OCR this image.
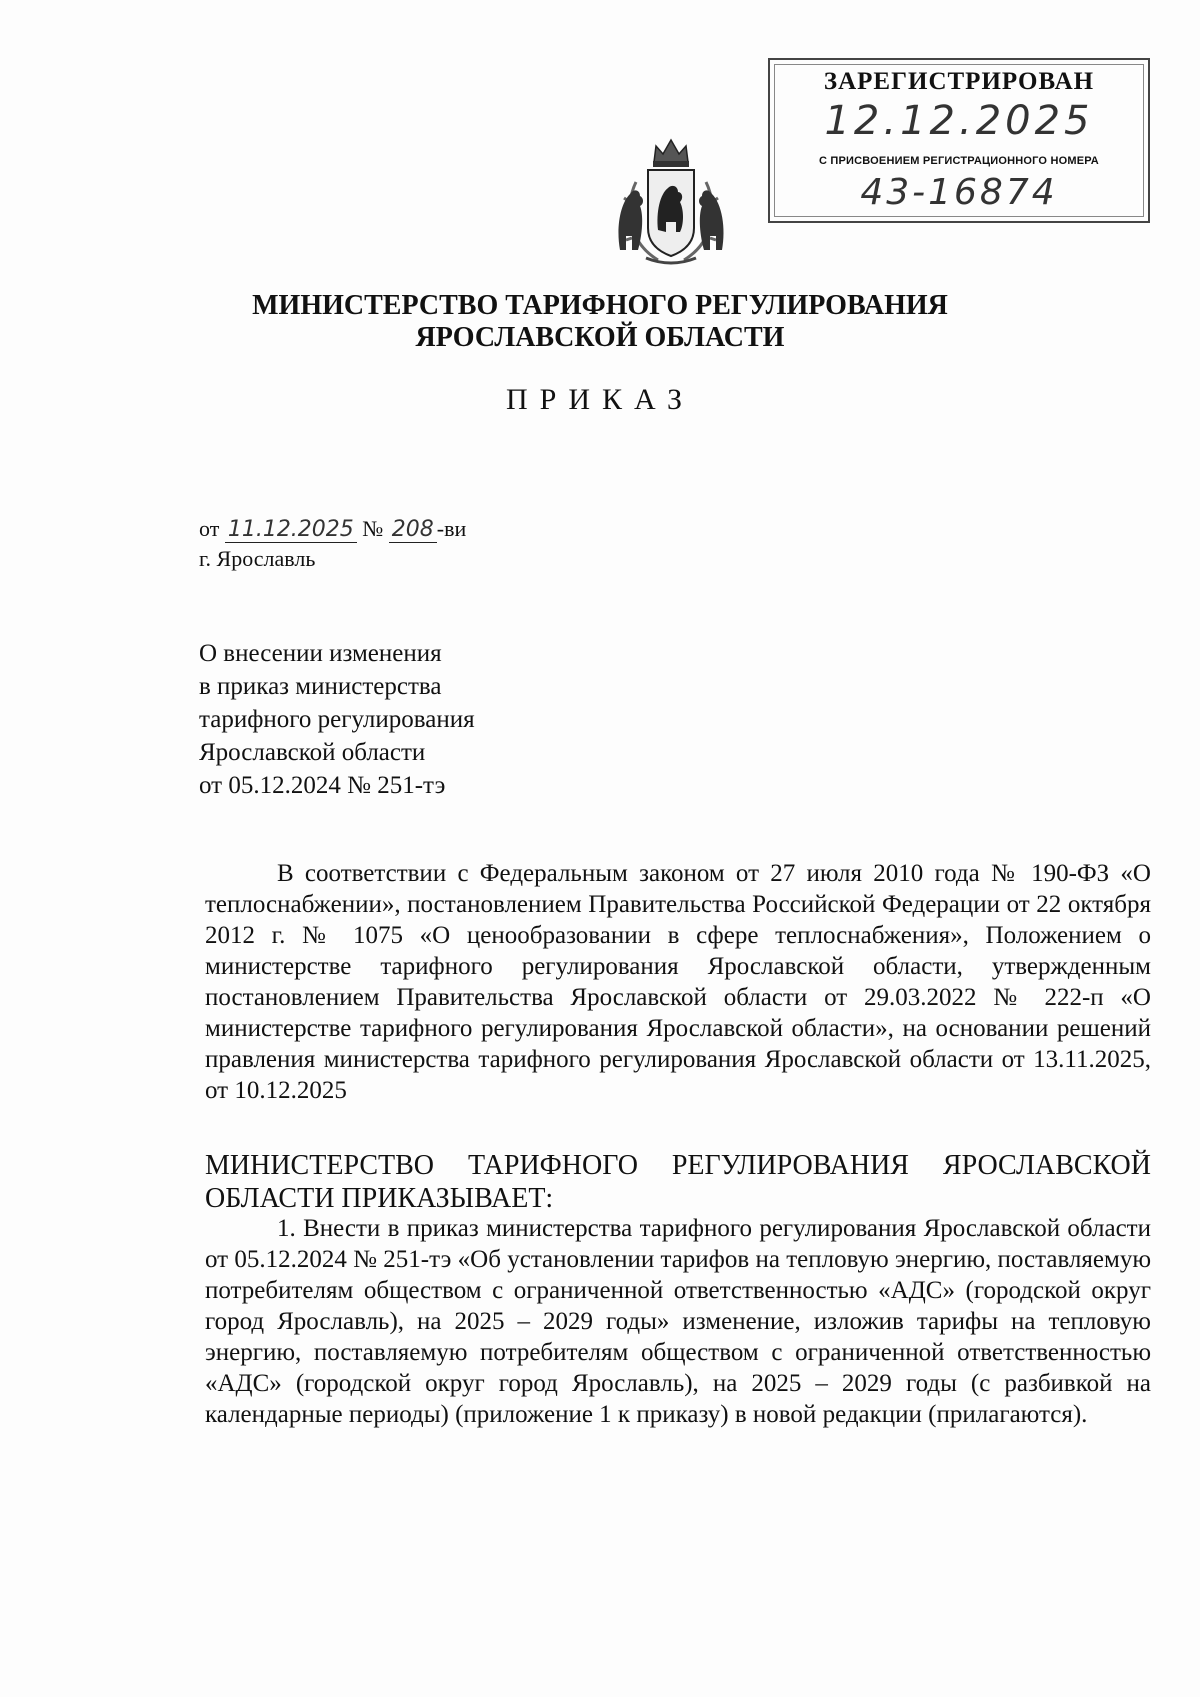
ЗАРЕГИСТРИРОВАН
12.12.2025
С ПРИСВОЕНИЕМ РЕГИСТРАЦИОННОГО НОМЕРА
43-16874
МИНИСТЕРСТВО ТАРИФНОГО РЕГУЛИРОВАНИЯ
ЯРОСЛАВСКОЙ ОБЛАСТИ
ПРИКАЗ
от 11.12.2025 № 208 -ви
г. Ярославль
О внесении изменения
в приказ министерства
тарифного регулирования
Ярославской области
от 05.12.2024 № 251-тэ
В соответствии с Федеральным законом от 27 июля 2010 года № 190-ФЗ «О теплоснабжении», постановлением Правительства Российской Федерации от 22 октября 2012 г. № 1075 «О ценообразовании в сфере теплоснабжения», Положением о министерстве тарифного регулирования Ярославской области, утвержденным постановлением Правительства Ярославской области от 29.03.2022 № 222-п «О министерстве тарифного регулирования Ярославской области», на основании решений правления министерства тарифного регулирования Ярославской области от 13.11.2025, от 10.12.2025
МИНИСТЕРСТВО ТАРИФНОГО РЕГУЛИРОВАНИЯ ЯРОСЛАВСКОЙ ОБЛАСТИ ПРИКАЗЫВАЕТ:
1. Внести в приказ министерства тарифного регулирования Ярославской области от 05.12.2024 № 251-тэ «Об установлении тарифов на тепловую энергию, поставляемую потребителям обществом с ограниченной ответственностью «АДС» (городской округ город Ярославль), на 2025 – 2029 годы» изменение, изложив тарифы на тепловую энергию, поставляемую потребителям обществом с ограниченной ответственностью «АДС» (городской округ город Ярославль), на 2025 – 2029 годы (с разбивкой на календарные периоды) (приложение 1 к приказу) в новой редакции (прилагаются).
